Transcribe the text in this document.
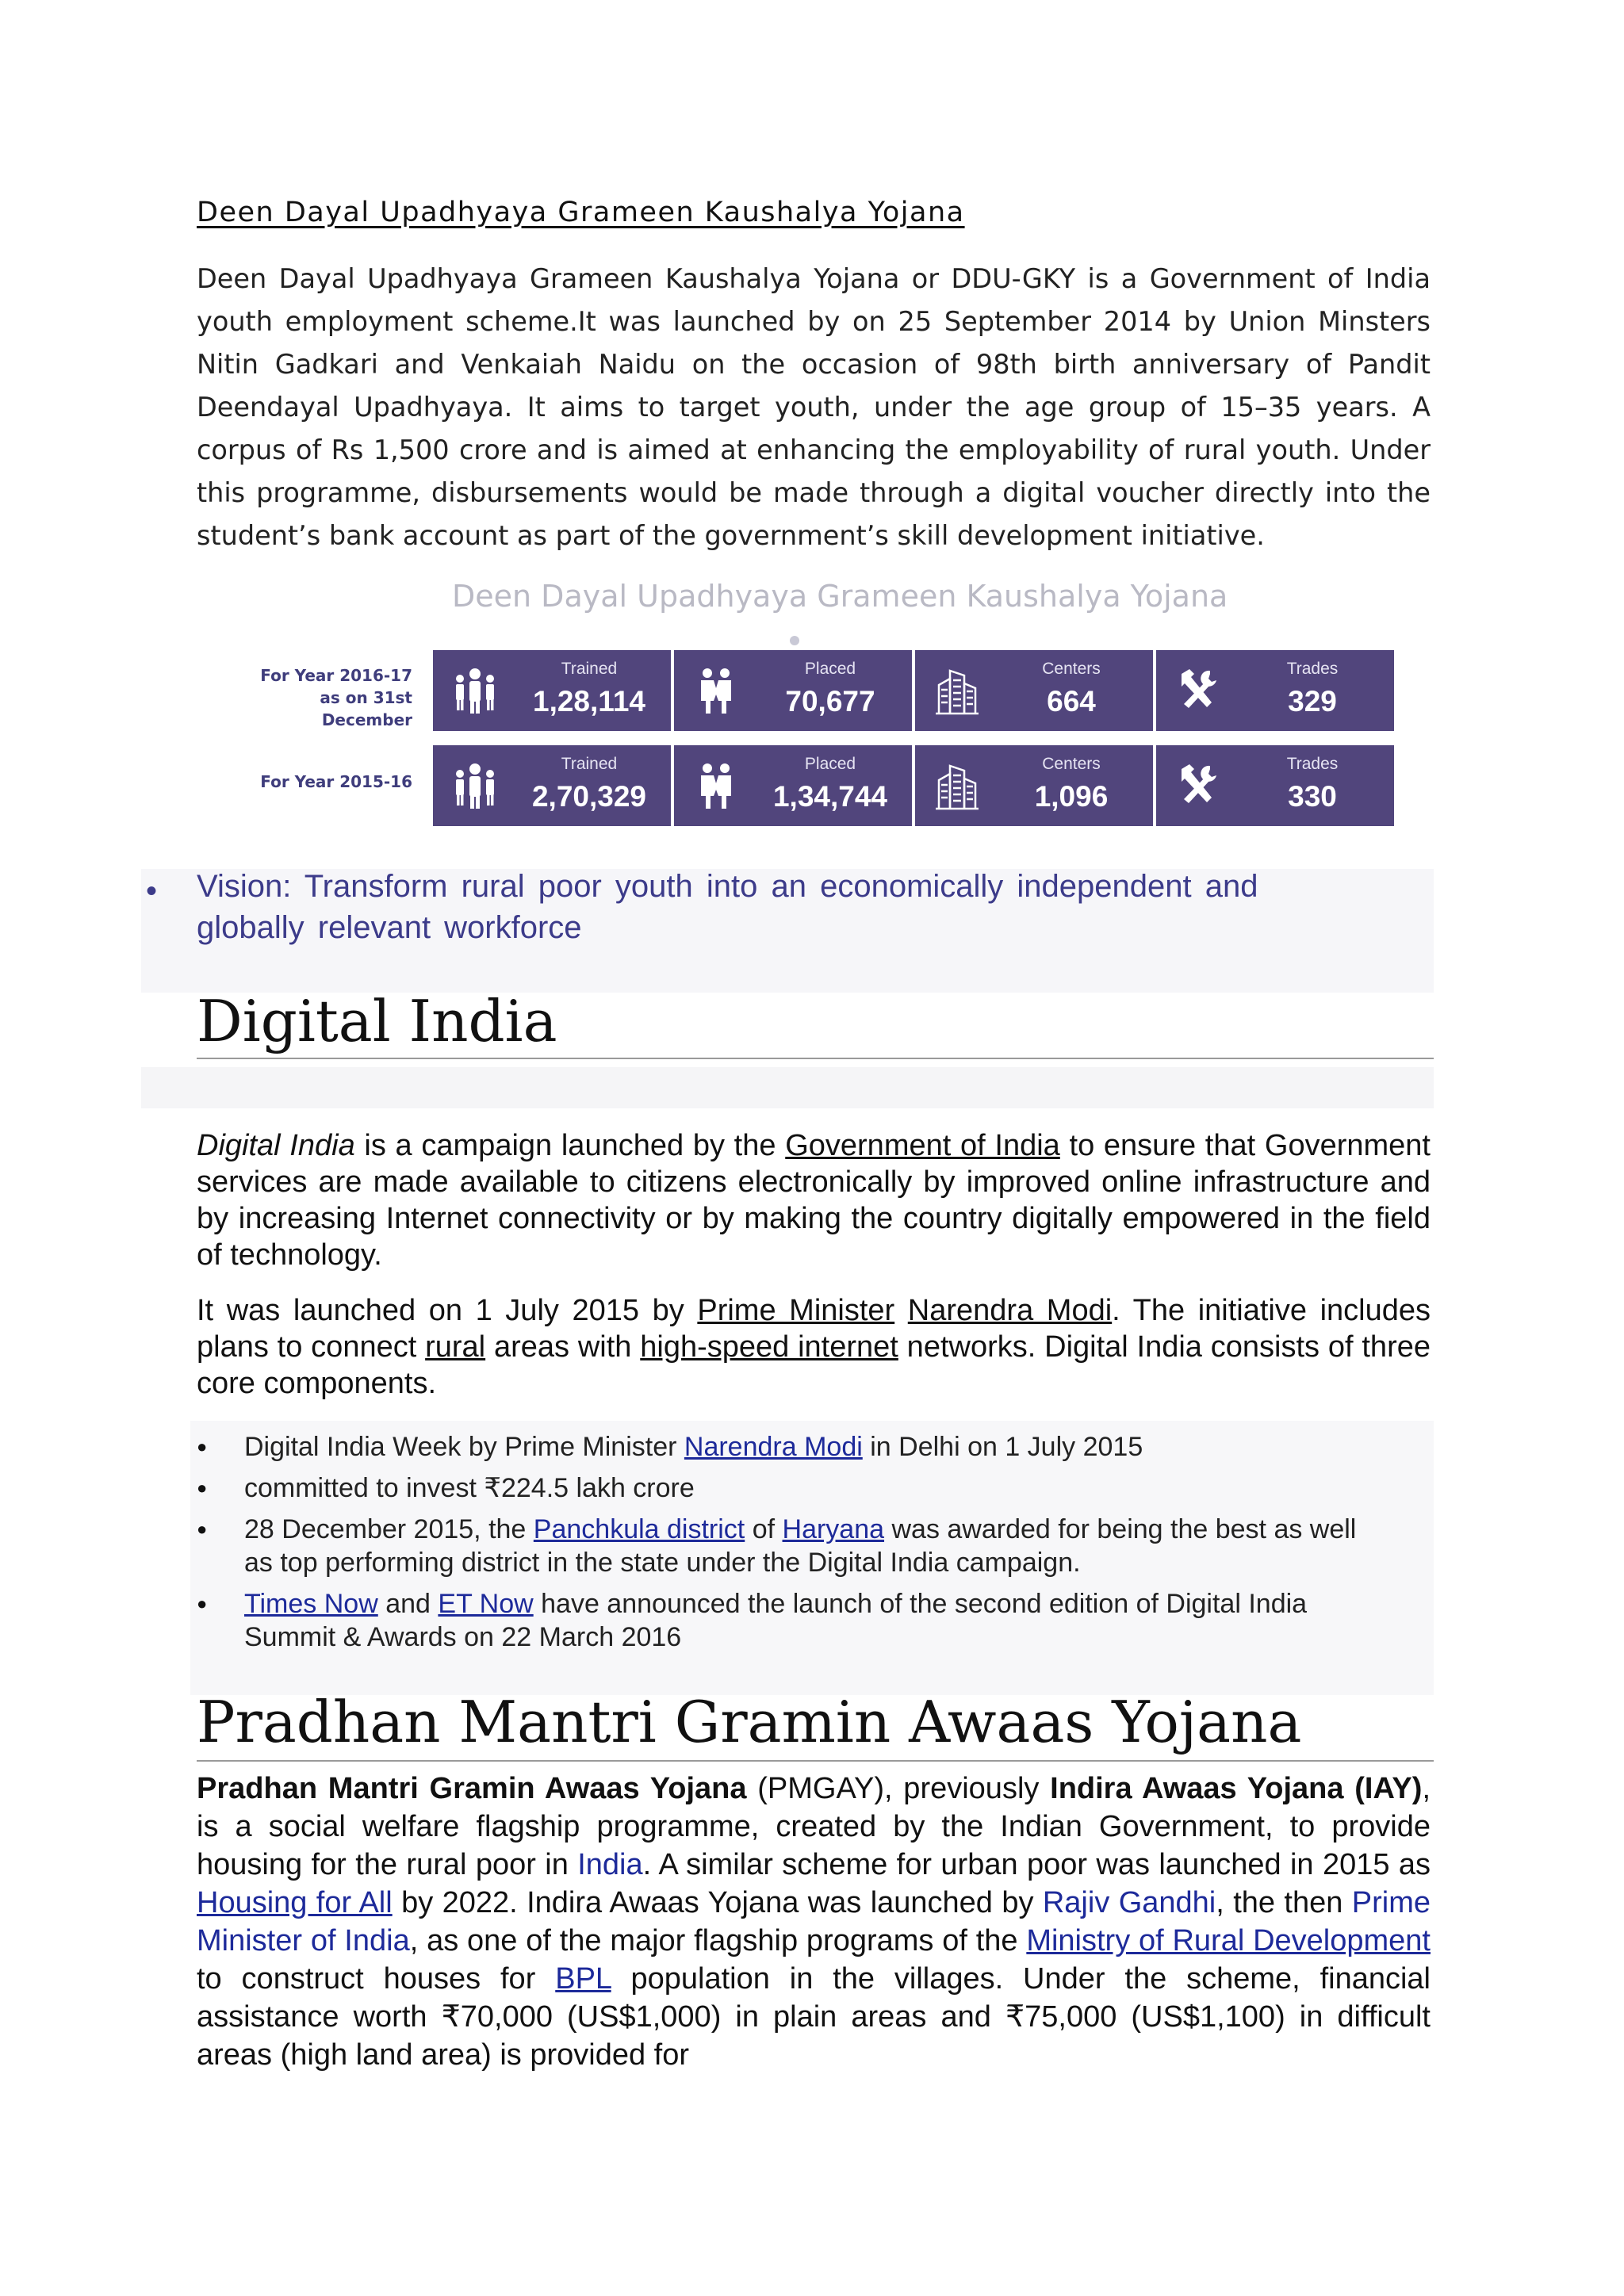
Deen Dayal Upadhyaya Grameen Kaushalya Yojana
Deen Dayal Upadhyaya Grameen Kaushalya Yojana or DDU-GKY is a Government of India youth employment scheme.It was launched by on 25 September 2014 by Union Minsters Nitin Gadkari and Venkaiah Naidu on the occasion of 98th birth anniversary of Pandit Deendayal Upadhyaya. It aims to target youth, under the age group of 15–35 years. A corpus of Rs 1,500 crore and is aimed at enhancing the employability of rural youth. Under this programme, disbursements would be made through a digital voucher directly into the student’s bank account as part of the government’s skill development initiative.
Deen Dayal Upadhyaya Grameen Kaushalya Yojana
For Year 2016-17
as on 31st December
Trained
1,28,114
Placed
70,677
Centers
664
Trades
329
For Year 2015-16
Trained
2,70,329
Placed
1,34,744
Centers
1,096
Trades
330
• Vision: Transform rural poor youth into an economically independent and globally relevant workforce
Digital India
Digital India is a campaign launched by the Government of India to ensure that Government services are made available to citizens electronically by improved online infrastructure and by increasing Internet connectivity or by making the country digitally empowered in the field of technology.
It was launched on 1 July 2015 by Prime Minister Narendra Modi. The initiative includes plans to connect rural areas with high-speed internet networks. Digital India consists of three core components.
● Digital India Week by Prime Minister Narendra Modi in Delhi on 1 July 2015
● committed to invest ₹224.5 lakh crore
● 28 December 2015, the Panchkula district of Haryana was awarded for being the best as well as top performing district in the state under the Digital India campaign.
● Times Now and ET Now have announced the launch of the second edition of Digital India Summit & Awards on 22 March 2016
Pradhan Mantri Gramin Awaas Yojana
Pradhan Mantri Gramin Awaas Yojana (PMGAY), previously Indira Awaas Yojana (IAY), is a social welfare flagship programme, created by the Indian Government, to provide housing for the rural poor in India. A similar scheme for urban poor was launched in 2015 as Housing for All by 2022. Indira Awaas Yojana was launched by Rajiv Gandhi, the then Prime Minister of India, as one of the major flagship programs of the Ministry of Rural Development to construct houses for BPL population in the villages. Under the scheme, financial assistance worth ₹70,000 (US$1,000) in plain areas and ₹75,000 (US$1,100) in difficult areas (high land area) is provided for
